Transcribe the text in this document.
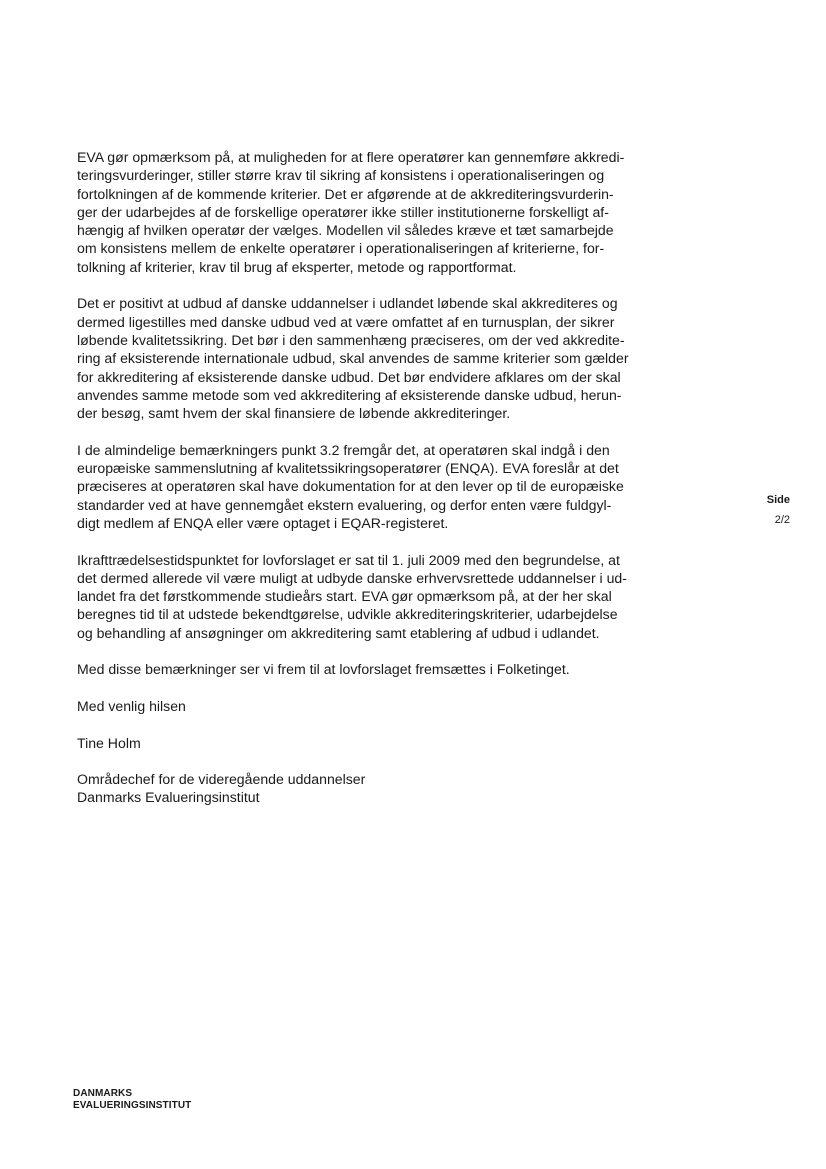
EVA gør opmærksom på, at muligheden for at flere operatører kan gennemføre akkredi-
teringsvurderinger, stiller større krav til sikring af konsistens i operationaliseringen og
fortolkningen af de kommende kriterier. Det er afgørende at de akkrediteringsvurderin-
ger der udarbejdes af de forskellige operatører ikke stiller institutionerne forskelligt af-
hængig af hvilken operatør der vælges. Modellen vil således kræve et tæt samarbejde
om konsistens mellem de enkelte operatører i operationaliseringen af kriterierne, for-
tolkning af kriterier, krav til brug af eksperter, metode og rapportformat.

Det er positivt at udbud af danske uddannelser i udlandet løbende skal akkrediteres og
dermed ligestilles med danske udbud ved at være omfattet af en turnusplan, der sikrer
løbende kvalitetssikring. Det bør i den sammenhæng præciseres, om der ved akkredite-
ring af eksisterende internationale udbud, skal anvendes de samme kriterier som gælder
for akkreditering af eksisterende danske udbud. Det bør endvidere afklares om der skal
anvendes samme metode som ved akkreditering af eksisterende danske udbud, herun-
der besøg, samt hvem der skal finansiere de løbende akkrediteringer.

I de almindelige bemærkningers punkt 3.2 fremgår det, at operatøren skal indgå i den
europæiske sammenslutning af kvalitetssikringsoperatører (ENQA). EVA foreslår at det
præciseres at operatøren skal have dokumentation for at den lever op til de europæiske
standarder ved at have gennemgået ekstern evaluering, og derfor enten være fuldgyl-
digt medlem af ENQA eller være optaget i EQAR-registeret.

Ikrafttrædelsestidspunktet for lovforslaget er sat til 1. juli 2009 med den begrundelse, at
det dermed allerede vil være muligt at udbyde danske erhvervsrettede uddannelser i ud-
landet fra det førstkommende studieårs start. EVA gør opmærksom på, at der her skal
beregnes tid til at udstede bekendtgørelse, udvikle akkrediteringskriterier, udarbejdelse
og behandling af ansøgninger om akkreditering samt etablering af udbud i udlandet.

Med disse bemærkninger ser vi frem til at lovforslaget fremsættes i Folketinget.

Med venlig hilsen

Tine Holm

Områdechef for de videregående uddannelser
Danmarks Evalueringsinstitut

Side
2/2
DANMARKS
EVALUERINGSINSTITUT
